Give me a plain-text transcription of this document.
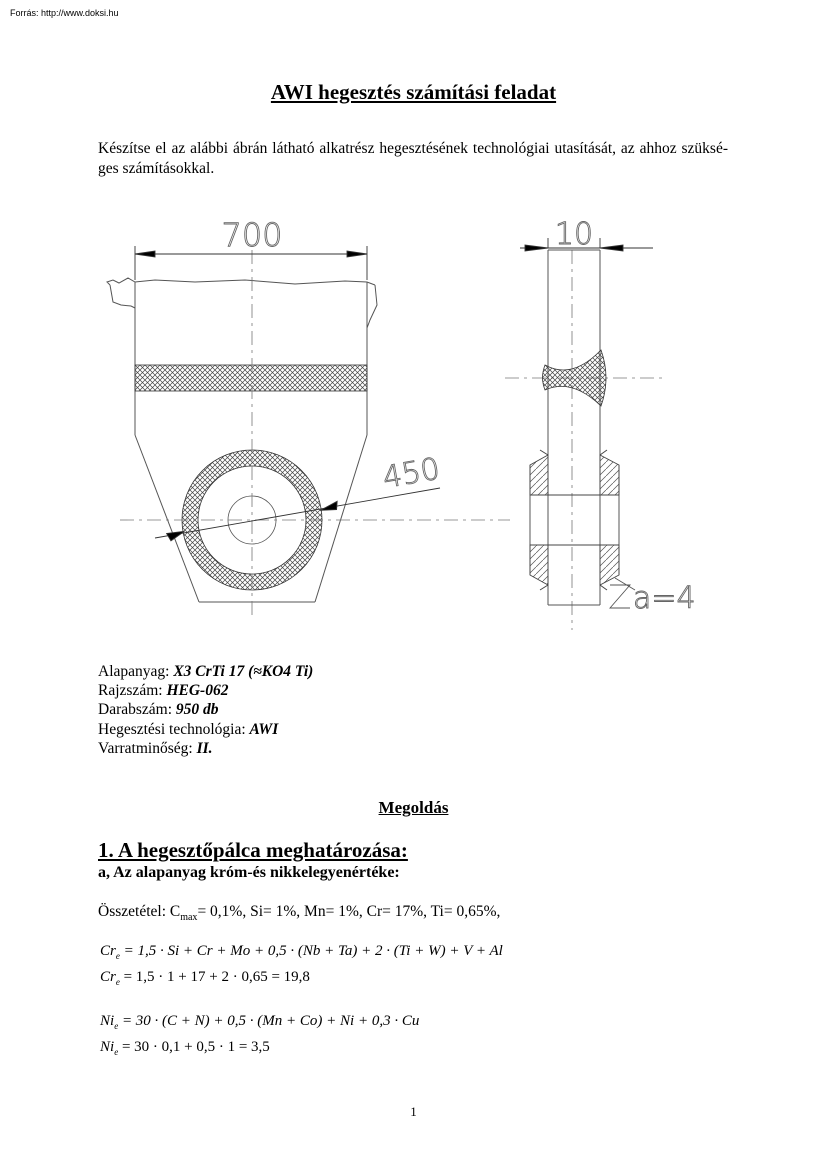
Forrás: http://www.doksi.hu
AWI hegesztés számítási feladat
Készítse el az alábbi ábrán látható alkatrész hegesztésének technológiai utasítását, az ahhoz szüksé-ges számításokkal.
700
450
10
a=4
Alapanyag: X3 CrTi 17 (≈KO4 Ti)
Rajzszám: HEG-062
Darabszám: 950 db
Hegesztési technológia: AWI
Varratminőség: II.
Megoldás
1. A hegesztőpálca meghatározása:
a, Az alapanyag króm-és nikkelegyenértéke:
Összetétel: $C_{max}= 0,1\%$, Si= 1%, Mn= 1%, Cr= 17%, Ti= 0,65%,
$Cr_e = 1,5 \cdot Si + Cr + Mo + 0,5 \cdot (Nb + Ta) + 2 \cdot (Ti + W) + V + Al$
$Cr_e = 1,5 \cdot 1 + 17 + 2 \cdot 0,65 = 19,8$
$Ni_e = 30 \cdot (C + N) + 0,5 \cdot (Mn + Co) + Ni + 0,3 \cdot Cu$
$Ni_e = 30 \cdot 0,1 + 0,5 \cdot 1 = 3,5$
1
